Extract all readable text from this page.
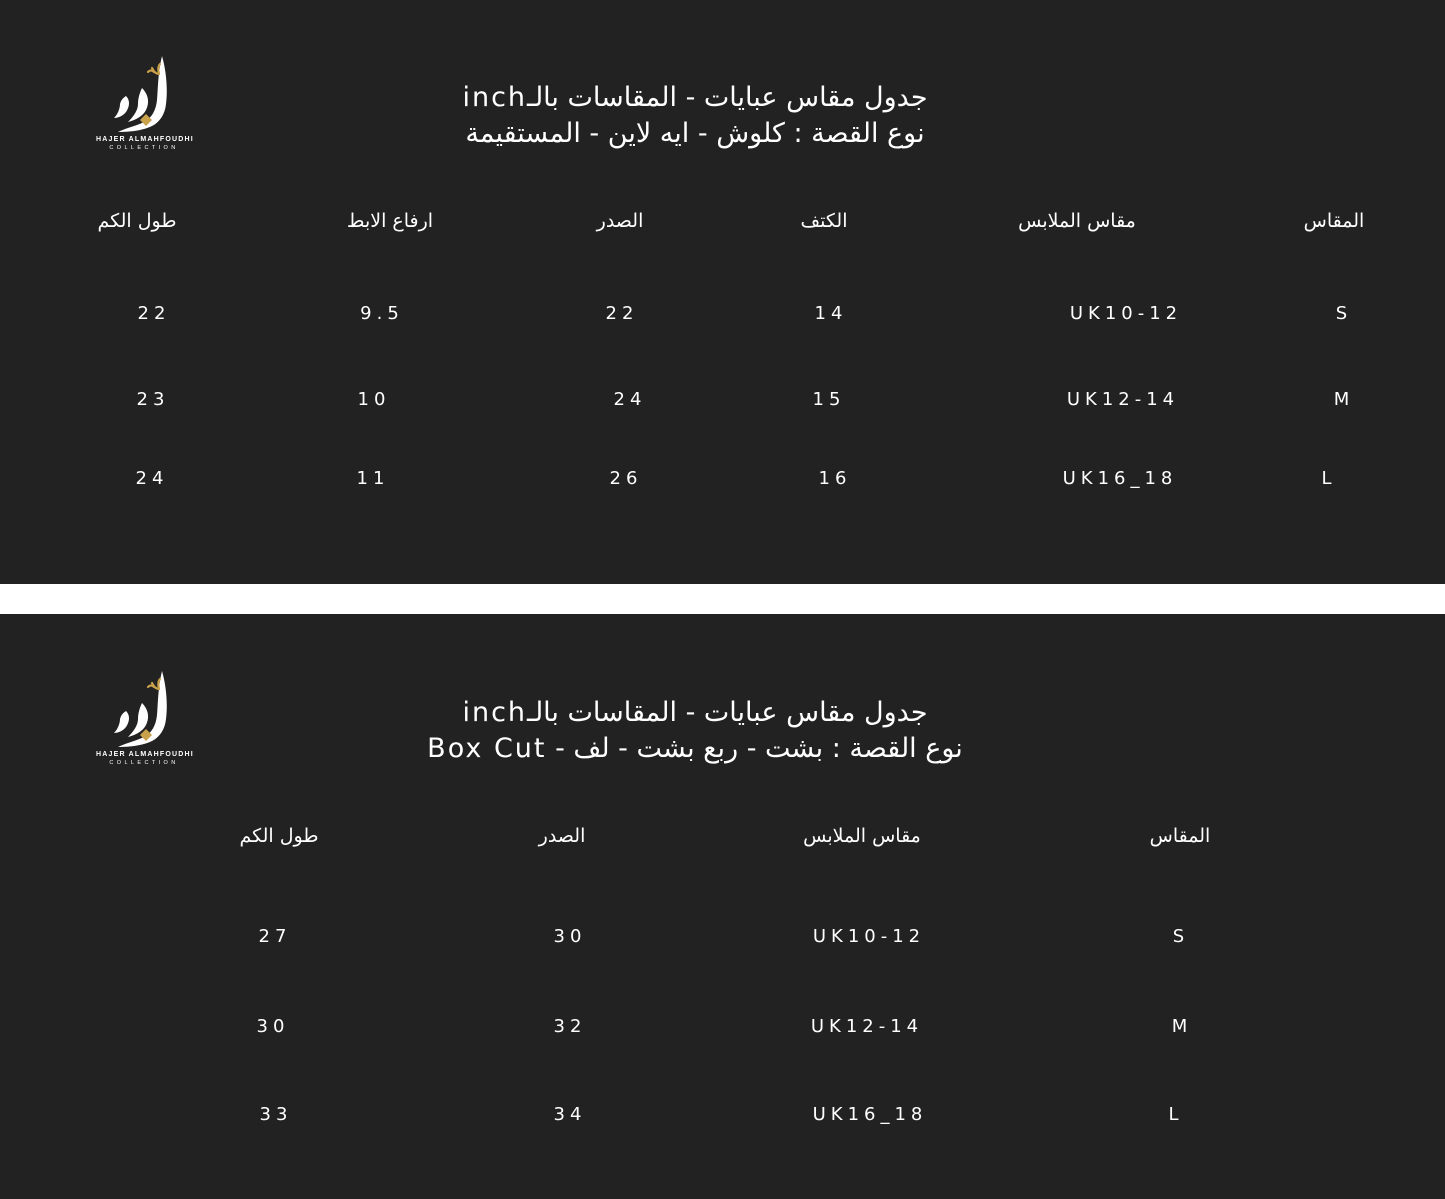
HAJER ALMAHFOUDHI
COLLECTION
جدول مقاس عبايات - المقاسات بالـinch
نوع القصة : كلوش - ايه لاين - المستقيمة
المقاس
مقاس الملابس
الكتف
الصدر
ارفاع الابط
طول الكم
S
UK10-12
14
22
9.5
22
M
UK12-14
15
24
10
23
L
UK16_18
16
26
11
24
HAJER ALMAHFOUDHI
COLLECTION
جدول مقاس عبايات - المقاسات بالـinch
نوع القصة : بشت - ربع بشت - لف - Box Cut
المقاس
مقاس الملابس
الصدر
طول الكم
S
UK10-12
30
27
M
UK12-14
32
30
L
UK16_18
34
33
